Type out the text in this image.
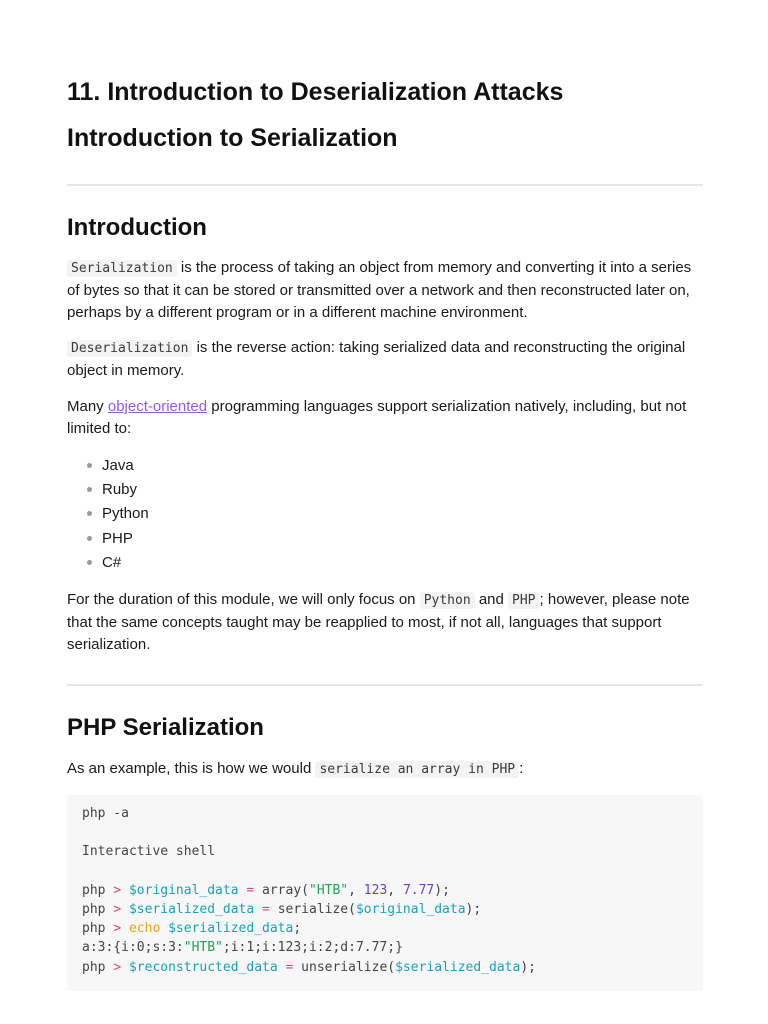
11. Introduction to Deserialization Attacks
Introduction to Serialization
Introduction

Serialization is the process of taking an object from memory and converting it into a series of bytes so that it can be stored or transmitted over a network and then reconstructed later on, perhaps by a different program or in a different machine environment.

Deserialization is the reverse action: taking serialized data and reconstructing the original object in memory.

Many object-oriented programming languages support serialization natively, including, but not limited to:

Java
Ruby
Python
PHP
C#

For the duration of this module, we will only focus on Python and PHP ; however, please note that the same concepts taught may be reapplied to most, if not all, languages that support serialization.

PHP Serialization

As an example, this is how we would serialize an array in PHP :

php -a

Interactive shell

php > $original_data = array("HTB", 123, 7.77);
php > $serialized_data = serialize($original_data);
php > echo $serialized_data;
a:3:{i:0;s:3:"HTB";i:1;i:123;i:2;d:7.77;}
php > $reconstructed_data = unserialize($serialized_data);
